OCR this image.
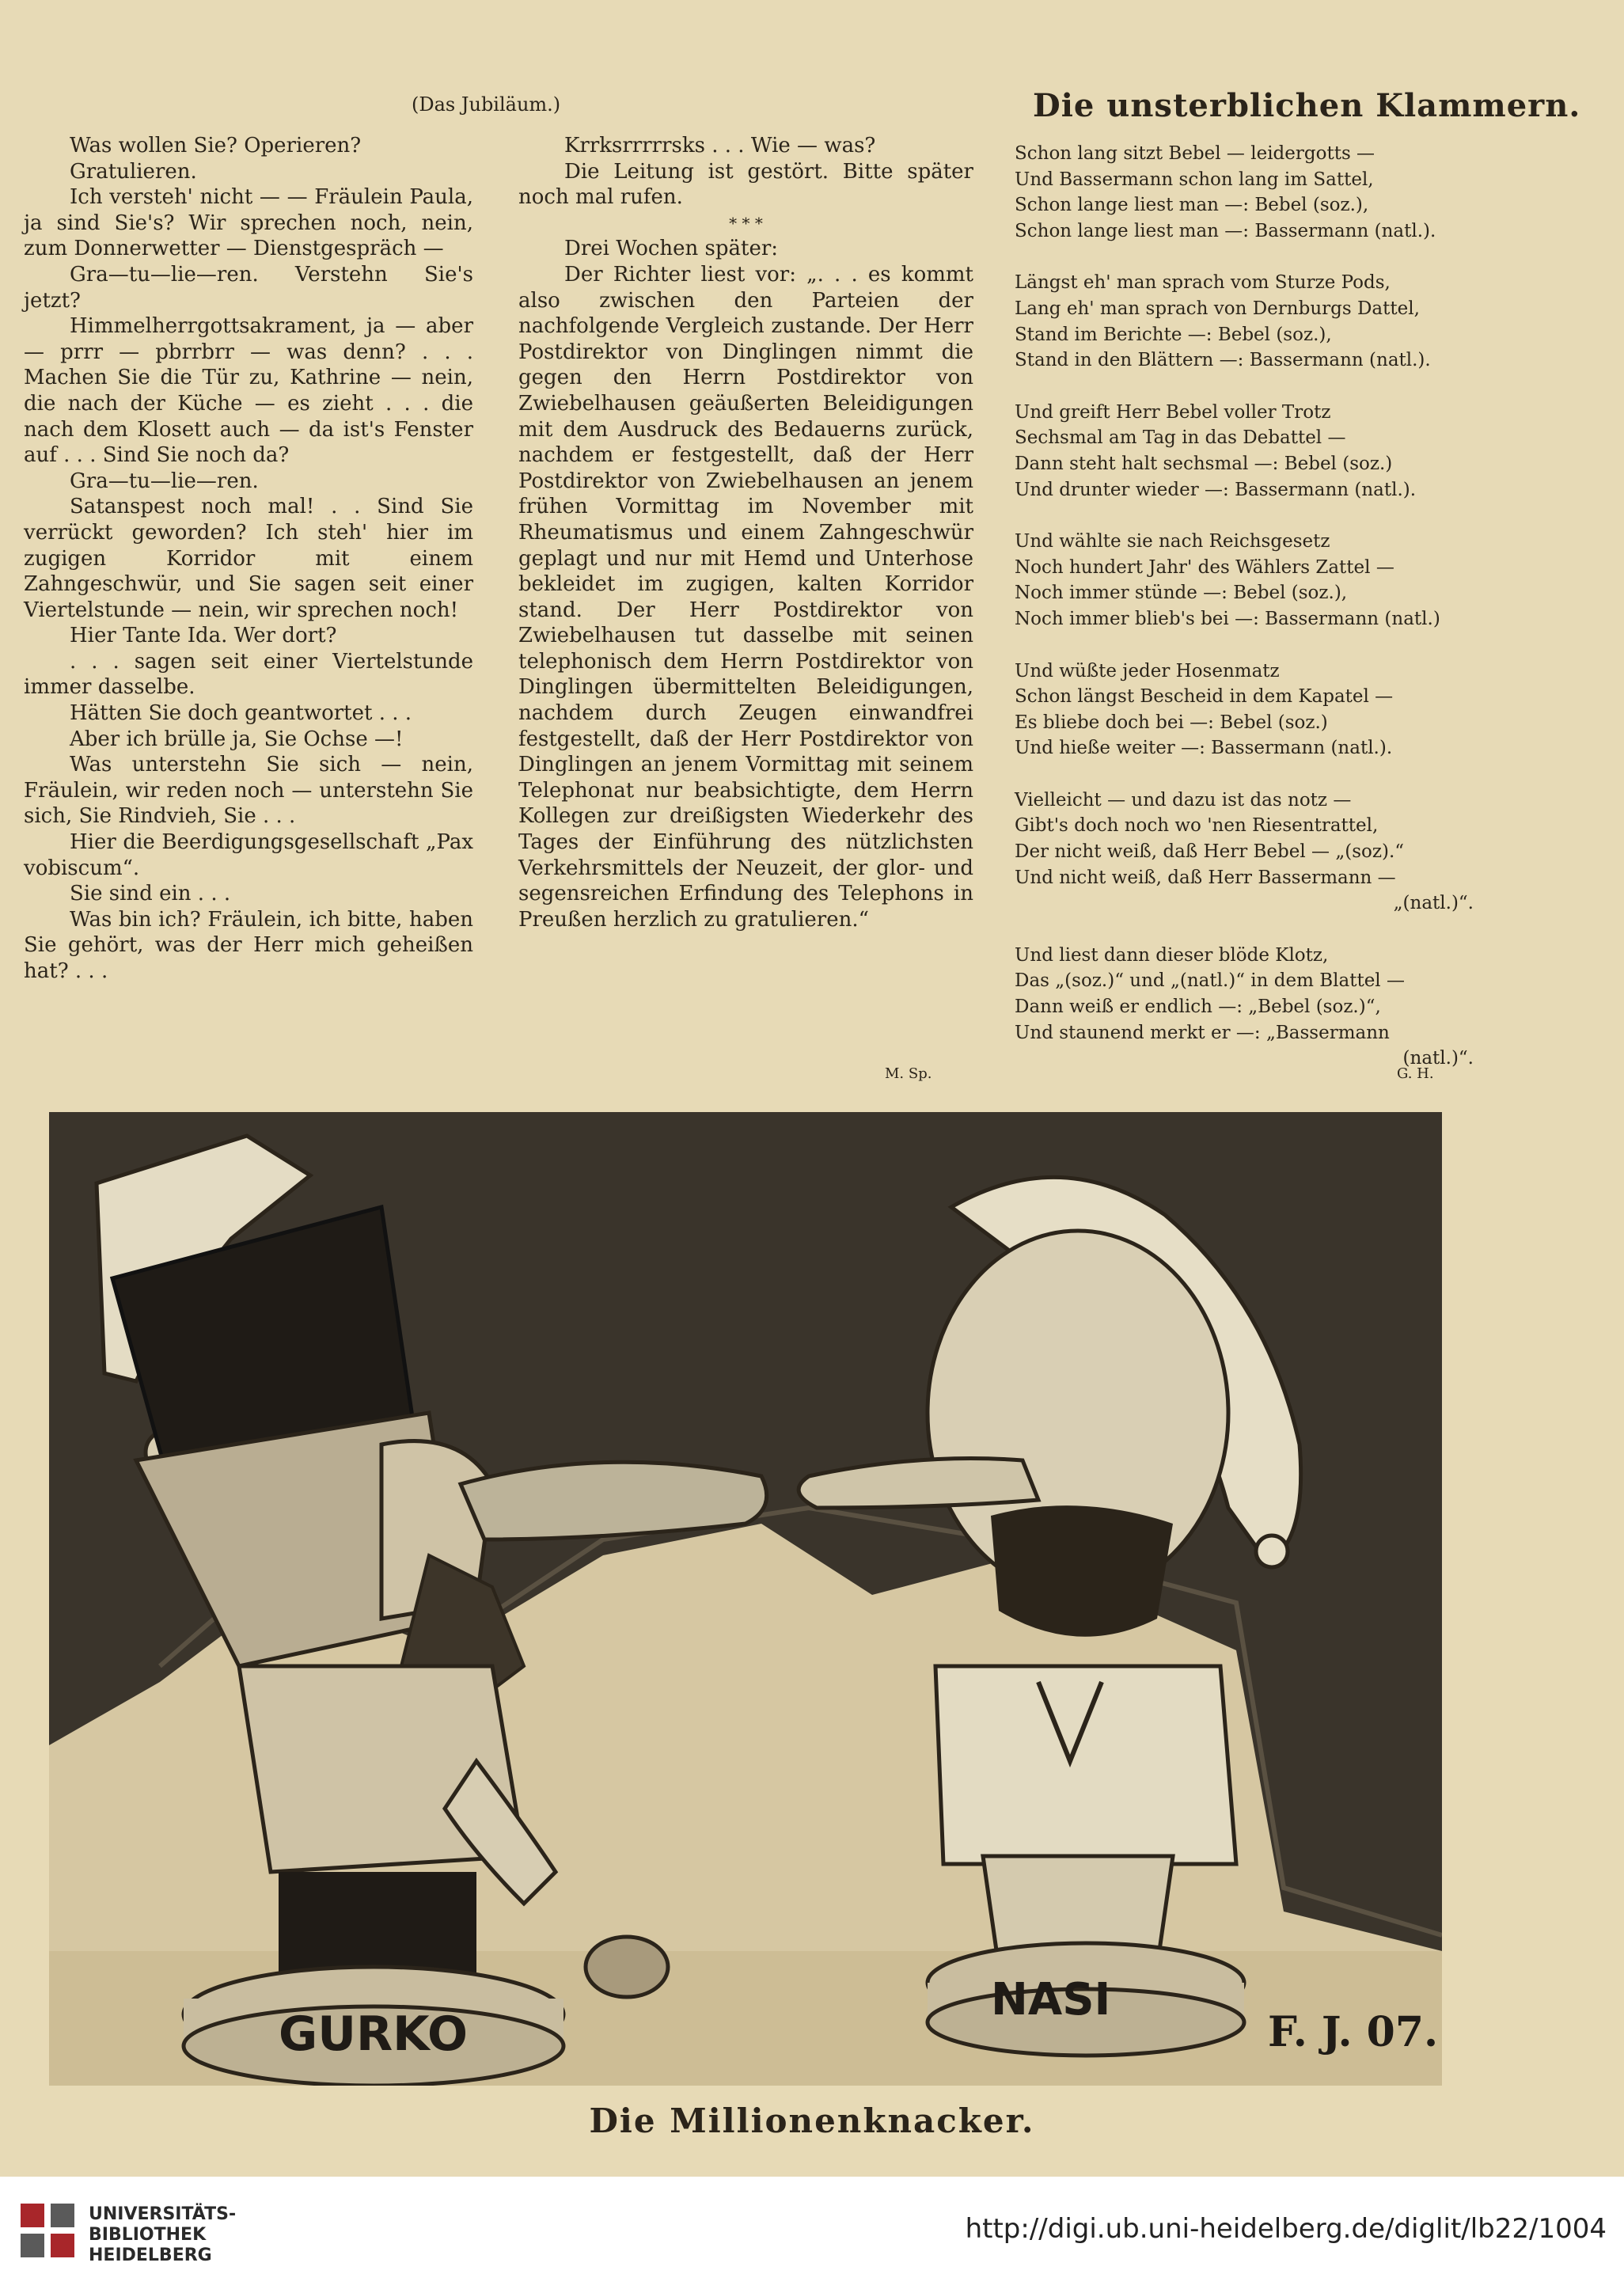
(Das Jubiläum.)	Die unsterblichen Klammern.

Was wollen Sie? Operieren?

Gratulieren.

Ich versteh' nicht — — Fräulein Paula, ja sind Sie's? Wir sprechen noch, nein, zum Donnerwetter — Dienstgespräch —

Gra—tu—lie—ren. Verstehn Sie's jetzt?

Himmelherrgottsakrament, ja — aber — prrr — pbrrbrr — was denn? . . . Machen Sie die Tür zu, Kathrine — nein, die nach der Küche — es zieht . . . die nach dem Klosett auch — da ist's Fenster auf . . . Sind Sie noch da?

Gra—tu—lie—ren.

Satanspest noch mal! . . Sind Sie verrückt geworden? Ich steh' hier im zugigen Korridor mit einem Zahngeschwür, und Sie sagen seit einer Viertelstunde — nein, wir sprechen noch!

Hier Tante Ida. Wer dort?

. . . sagen seit einer Viertelstunde immer dasselbe.

Hätten Sie doch geantwortet . . .

Aber ich brülle ja, Sie Ochse —!

Was unterstehn Sie sich — nein, Fräulein, wir reden noch — unterstehn Sie sich, Sie Rindvieh, Sie . . .

Hier die Beerdigungsgesellschaft „Pax vobiscum“.

Sie sind ein . . .

Was bin ich? Fräulein, ich bitte, haben Sie gehört, was der Herr mich geheißen hat? . . .

Krrksrrrrrsks . . . Wie — was?

Die Leitung ist gestört. Bitte später noch mal rufen.

* * *

Drei Wochen später:

Der Richter liest vor: „. . . es kommt also zwischen den Parteien der nachfolgende Vergleich zustande. Der Herr Postdirektor von Dinglingen nimmt die gegen den Herrn Postdirektor von Zwiebelhausen geäußerten Beleidigungen mit dem Ausdruck des Bedauerns zurück, nachdem er festgestellt, daß der Herr Postdirektor von Zwiebelhausen an jenem frühen Vormittag im November mit Rheumatismus und einem Zahngeschwür geplagt und nur mit Hemd und Unterhose bekleidet im zugigen, kalten Korridor stand. Der Herr Postdirektor von Zwiebelhausen tut dasselbe mit seinen telephonisch dem Herrn Postdirektor von Dinglingen übermittelten Beleidigungen, nachdem durch Zeugen einwandfrei festgestellt, daß der Herr Postdirektor von Dinglingen an jenem Vormittag mit seinem Telephonat nur beabsichtigte, dem Herrn Kollegen zur dreißigsten Wiederkehr des Tages der Einführung des nützlichsten Verkehrsmittels der Neuzeit, der glor- und segensreichen Erfindung des Telephons in Preußen herzlich zu gratulieren.“

M. Sp.
Schon lang sitzt Bebel — leidergotts —
Und Bassermann schon lang im Sattel,
Schon lange liest man —: Bebel (soz.),
Schon lange liest man —: Bassermann (natl.).
Längst eh' man sprach vom Sturze Pods,
Lang eh' man sprach von Dernburgs Dattel,
Stand im Berichte —: Bebel (soz.),
Stand in den Blättern —: Bassermann (natl.).
Und greift Herr Bebel voller Trotz
Sechsmal am Tag in das Debattel —
Dann steht halt sechsmal —: Bebel (soz.)
Und drunter wieder —: Bassermann (natl.).
Und wählte sie nach Reichsgesetz
Noch hundert Jahr' des Wählers Zattel —
Noch immer stünde —: Bebel (soz.),
Noch immer blieb's bei —: Bassermann (natl.)
Und wüßte jeder Hosenmatz
Schon längst Bescheid in dem Kapatel —
Es bliebe doch bei —: Bebel (soz.)
Und hieße weiter —: Bassermann (natl.).
Vielleicht — und dazu ist das notz —
Gibt's doch noch wo 'nen Riesentrattel,
Der nicht weiß, daß Herr Bebel — „(soz).“
Und nicht weiß, daß Herr Bassermann —
„(natl.)“.
Und liest dann dieser blöde Klotz,
Das „(soz.)“ und „(natl.)“ in dem Blattel —
Dann weiß er endlich —: „Bebel (soz.)“,
Und staunend merkt er —: „Bassermann
(natl.)“.
G. H.
GURKO
NASI
F. J. 07.
Die Millionenknacker.
UNIVERSITÄTS-
BIBLIOTHEK
HEIDELBERG
http://digi.ub.uni-heidelberg.de/diglit/lb22/1004
